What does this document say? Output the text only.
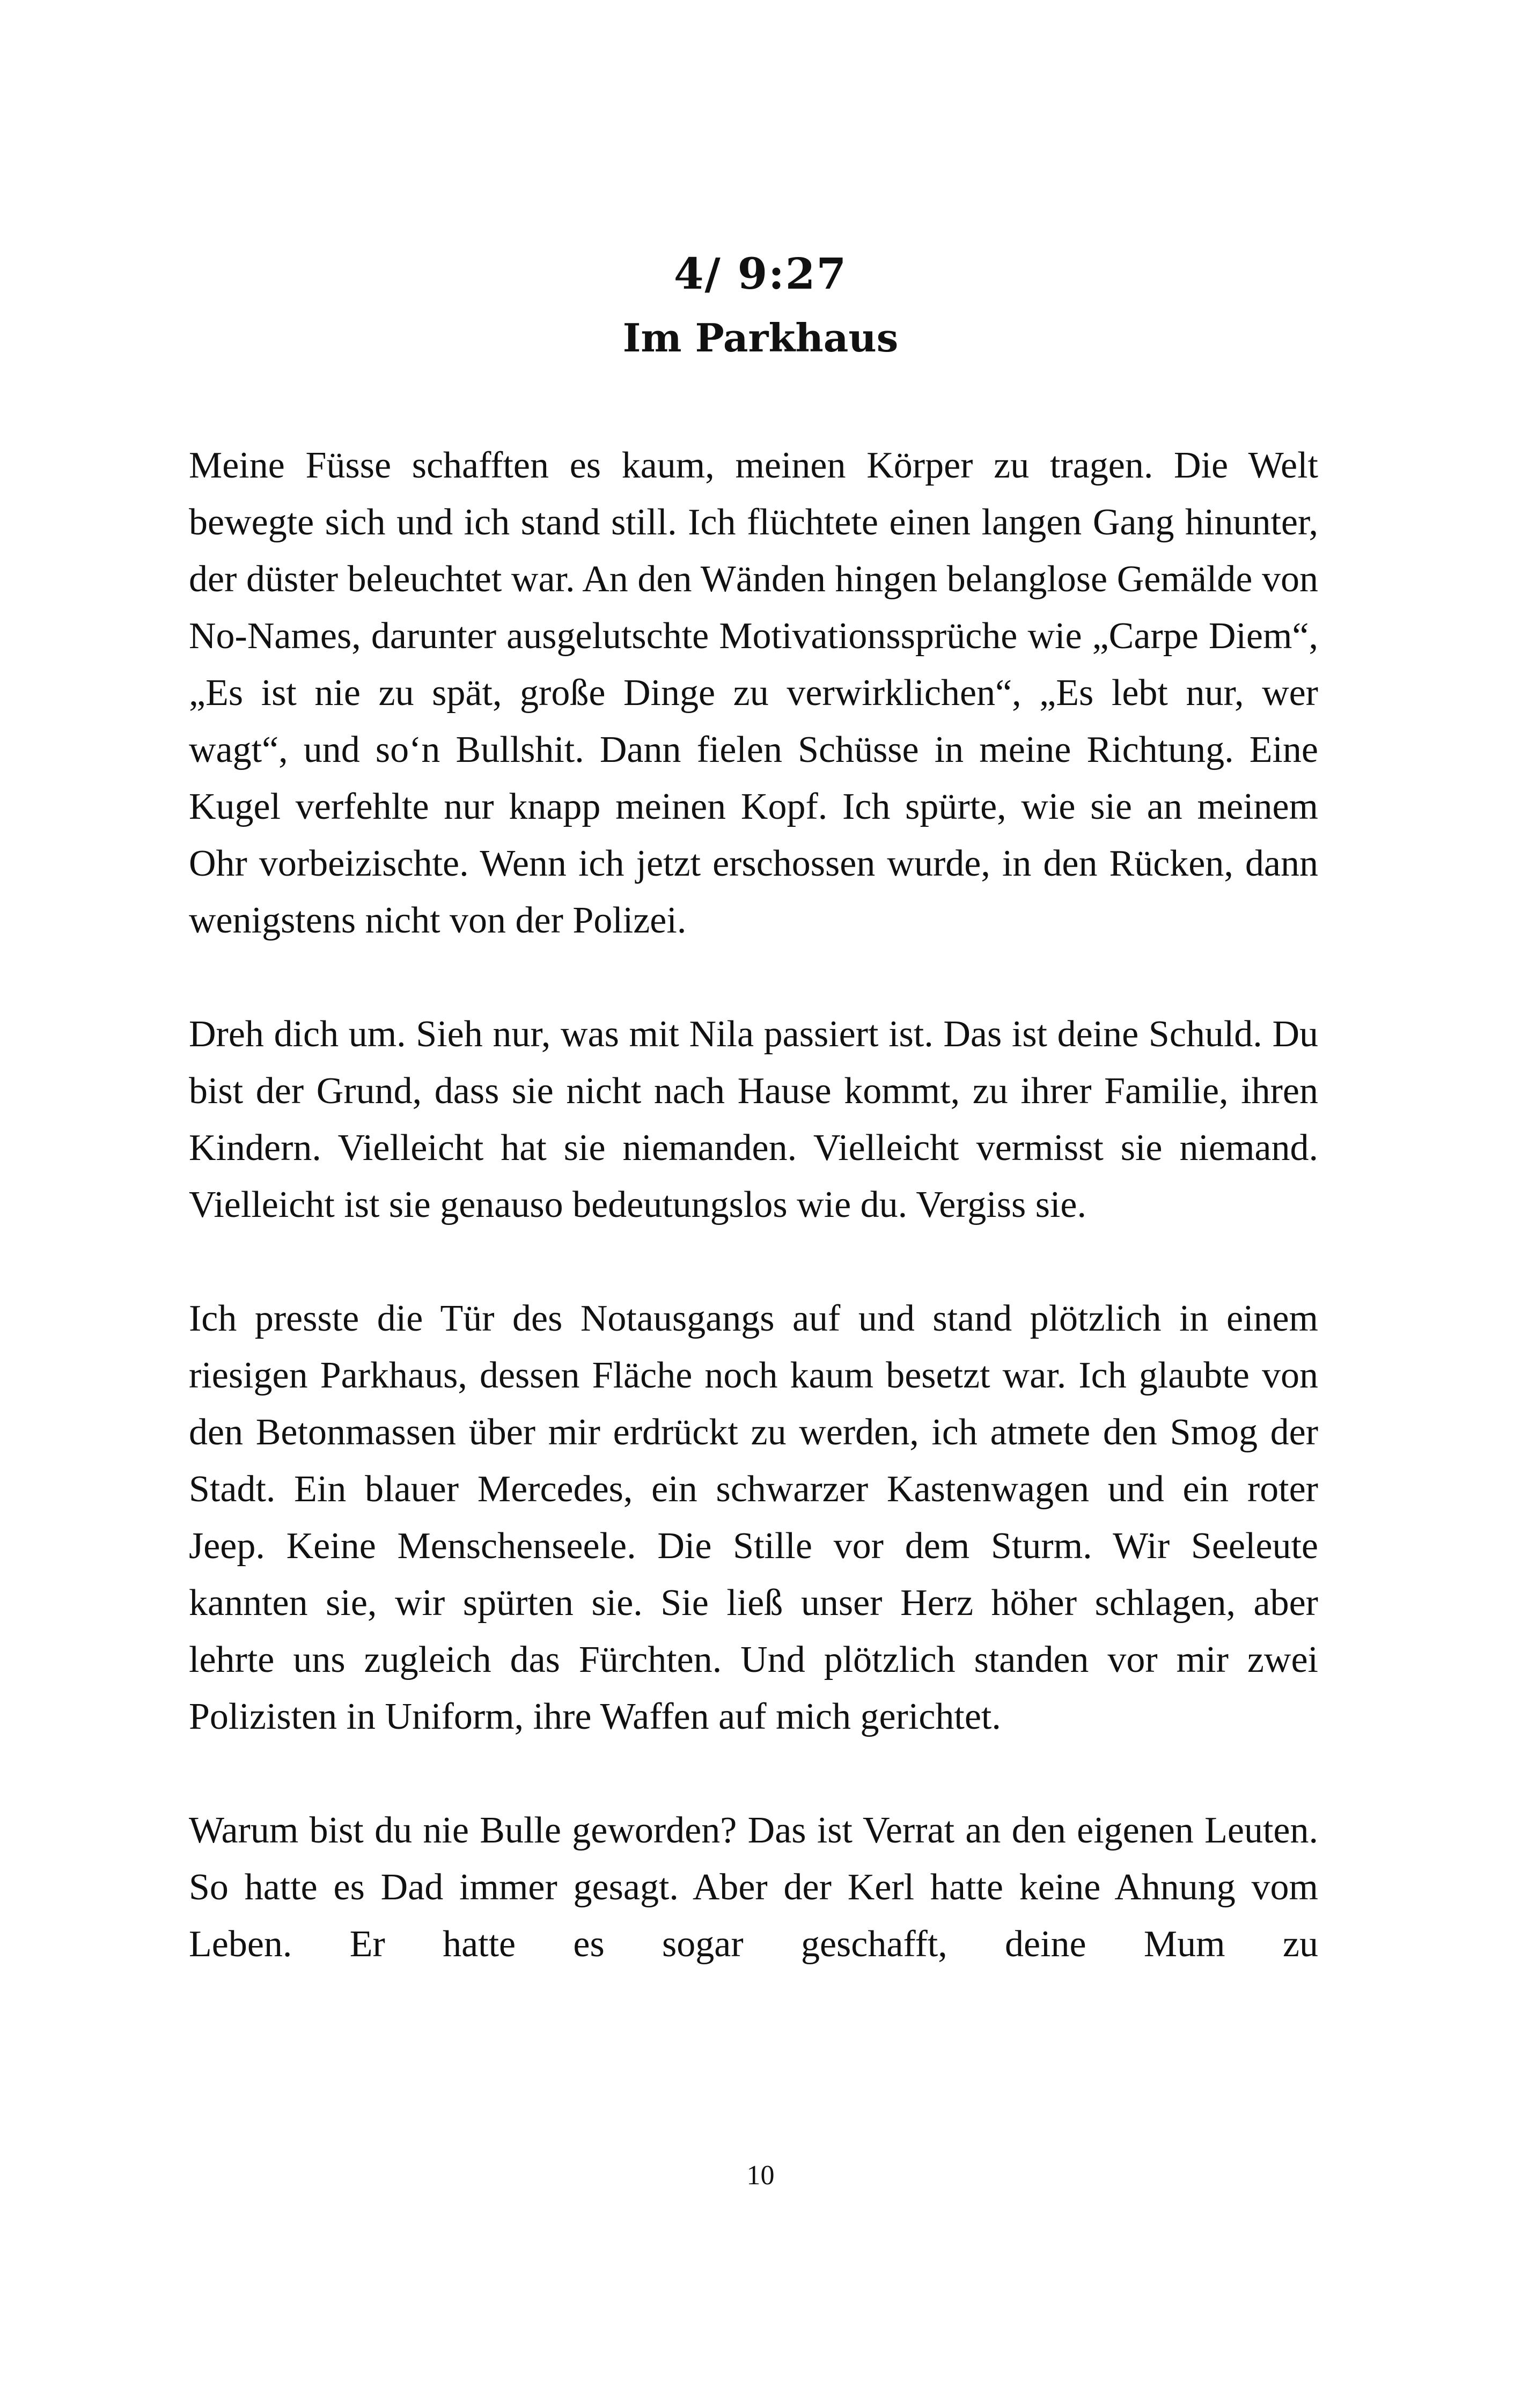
4/ 9:27
Im Parkhaus

Meine Füsse schafften es kaum, meinen Körper zu tragen. Die Welt bewegte sich und ich stand still. Ich flüchtete einen langen Gang hinunter, der düster beleuchtet war. An den Wänden hingen belanglose Gemälde von No-Names, darunter ausgelutschte Motivationssprüche wie „Carpe Diem“, „Es ist nie zu spät, große Dinge zu verwirklichen“, „Es lebt nur, wer wagt“, und so‘n Bullshit. Dann fielen Schüsse in meine Richtung. Eine Kugel verfehlte nur knapp meinen Kopf. Ich spürte, wie sie an meinem Ohr vorbeizischte. Wenn ich jetzt erschossen wurde, in den Rücken, dann wenigstens nicht von der Polizei.

Dreh dich um. Sieh nur, was mit Nila passiert ist. Das ist deine Schuld. Du bist der Grund, dass sie nicht nach Hause kommt, zu ihrer Familie, ihren Kindern. Vielleicht hat sie niemanden. Vielleicht vermisst sie niemand. Vielleicht ist sie genauso bedeutungslos wie du. Vergiss sie.

Ich presste die Tür des Notausgangs auf und stand plötzlich in einem riesigen Parkhaus, dessen Fläche noch kaum besetzt war. Ich glaubte von den Betonmassen über mir erdrückt zu werden, ich atmete den Smog der Stadt. Ein blauer Mercedes, ein schwarzer Kastenwagen und ein roter Jeep. Keine Menschenseele. Die Stille vor dem Sturm. Wir Seeleute kannten sie, wir spürten sie. Sie ließ unser Herz höher schlagen, aber lehrte uns zugleich das Fürchten. Und plötzlich standen vor mir zwei Polizisten in Uniform, ihre Waffen auf mich gerichtet.

Warum bist du nie Bulle geworden? Das ist Verrat an den eigenen Leuten. So hatte es Dad immer gesagt. Aber der Kerl hatte keine Ahnung vom Leben. Er hatte es sogar geschafft, deine Mum zu

10
